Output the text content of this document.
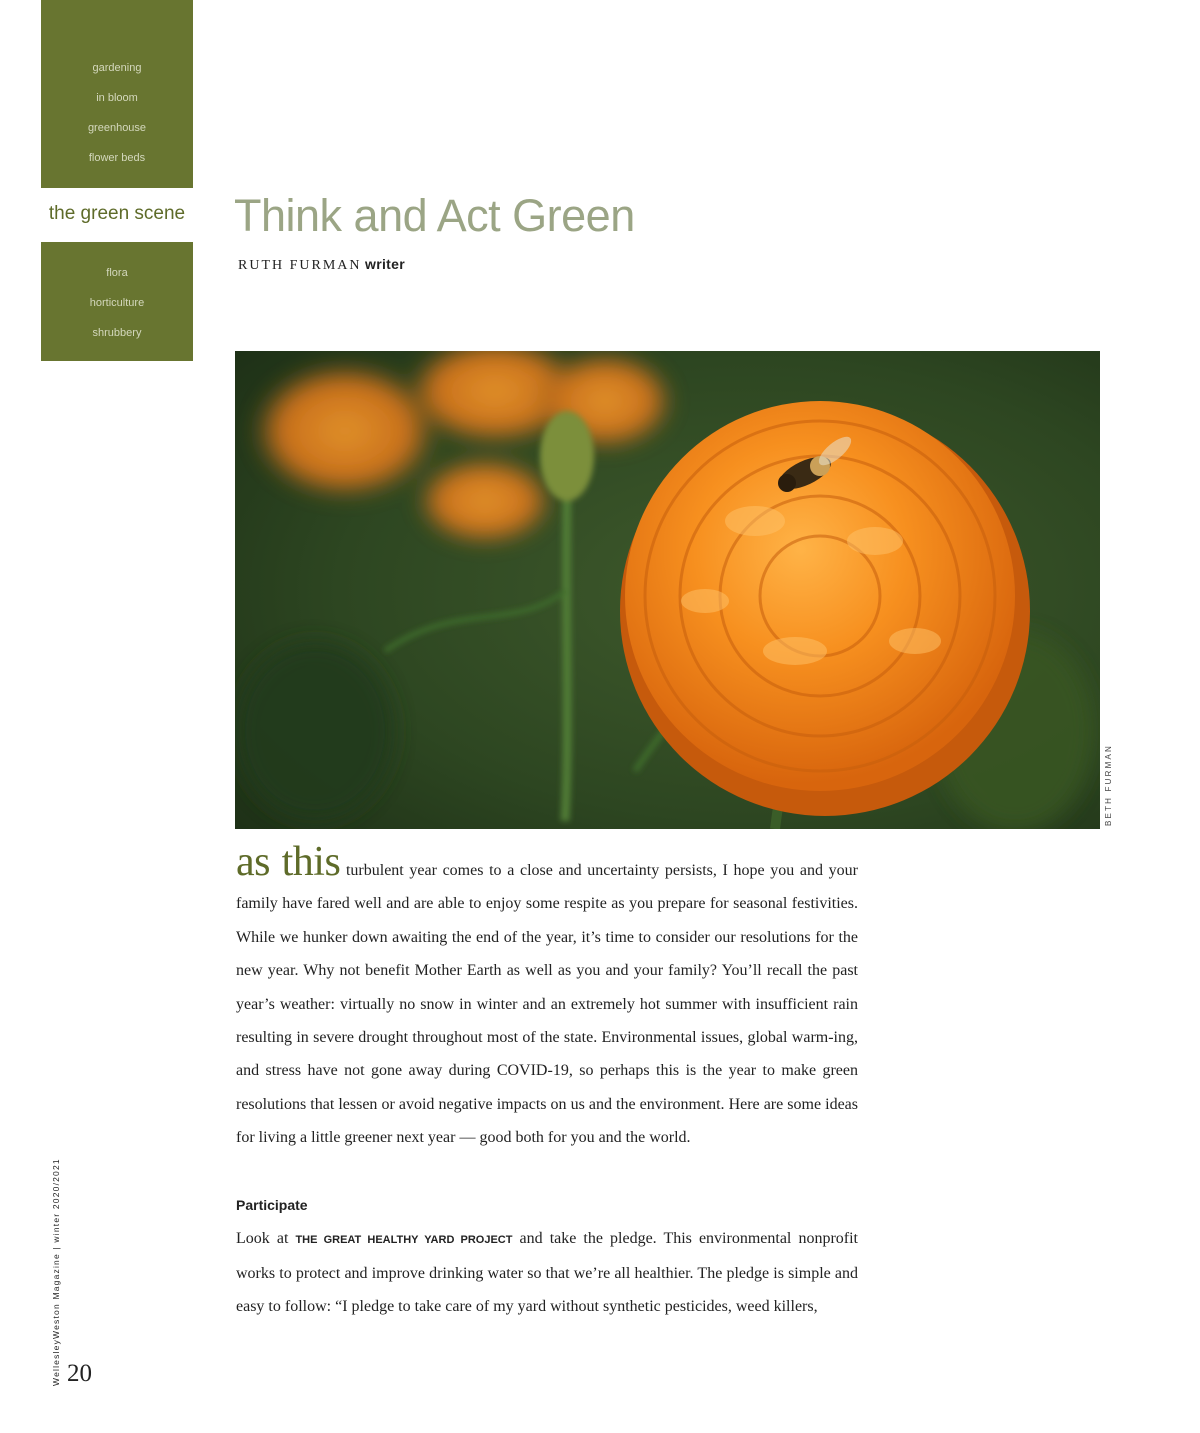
gardening
in bloom
greenhouse
flower beds
the green scene
flora
horticulture
shrubbery
Think and Act Green
RUTH FURMAN writer
BETH FURMAN

as this turbulent year comes to a close and uncertainty persists, I hope you and your family have fared well and are able to enjoy some respite as you prepare for seasonal festivities. While we hunker down awaiting the end of the year, it’s time to consider our resolutions for the new year. Why not benefit Mother Earth as well as you and your family? You’ll recall the past year’s weather: virtually no snow in winter and an extremely hot summer with insufficient rain resulting in severe drought throughout most of the state. Environmental issues, global warm-ing, and stress have not gone away during COVID-19, so perhaps this is the year to make green resolutions that lessen or avoid negative impacts on us and the environment. Here are some ideas for living a little greener next year — good both for you and the world.

Participate

Look at THE GREAT HEALTHY YARD PROJECT and take the pledge. This environmental nonprofit works to protect and improve drinking water so that we’re all healthier. The pledge is simple and easy to follow: “I pledge to take care of my yard without synthetic pesticides, weed killers,

WellesleyWeston Magazine | winter 2020/2021 20
